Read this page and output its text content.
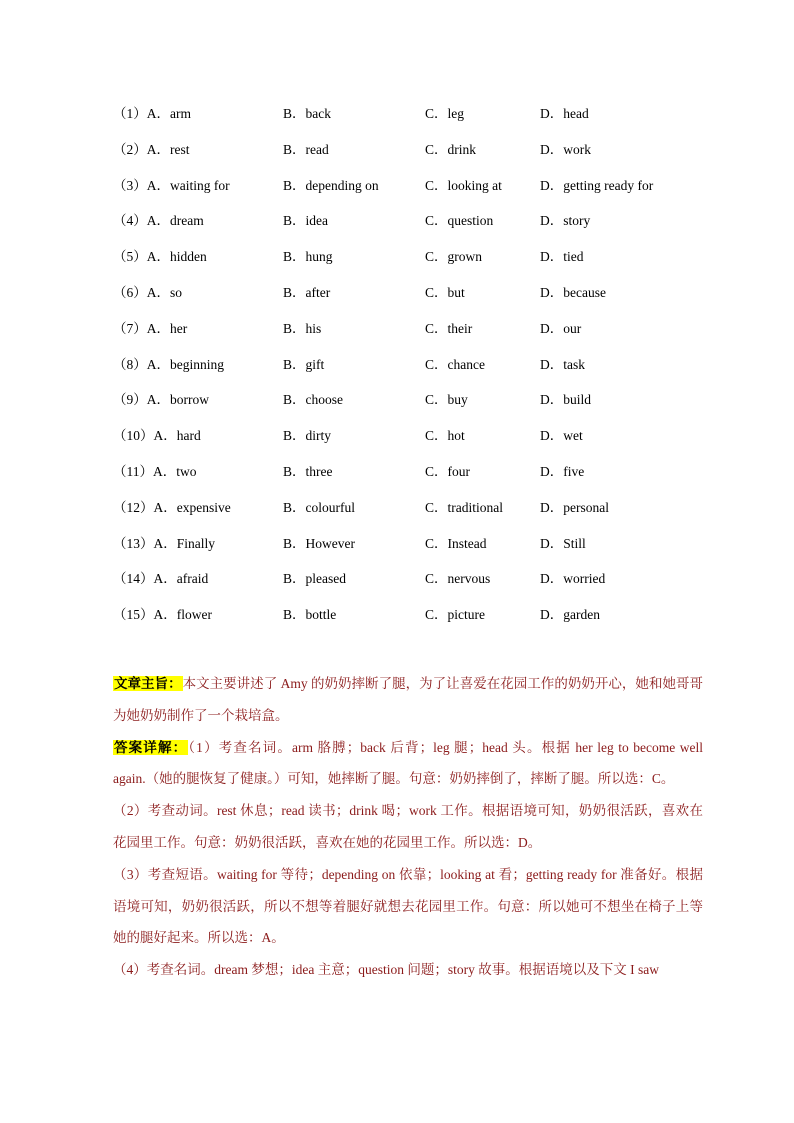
（1）A．arm	B．back	C．leg	D．head
（2）A．rest	B．read	C．drink	D．work
（3）A．waiting for	B．depending on	C．looking at	D．getting ready for
（4）A．dream	B．idea	C．question	D．story
（5）A．hidden	B．hung	C．grown	D．tied
（6）A．so	B．after	C．but	D．because
（7）A．her	B．his	C．their	D．our
（8）A．beginning	B．gift	C．chance	D．task
（9）A．borrow	B．choose	C．buy	D．build
（10）A．hard	B．dirty	C．hot	D．wet
（11）A．two	B．three	C．four	D．five
（12）A．expensive	B．colourful	C．traditional	D．personal
（13）A．Finally	B．However	C．Instead	D．Still
（14）A．afraid	B．pleased	C．nervous	D．worried
（15）A．flower	B．bottle	C．picture	D．garden

文章主旨：本文主要讲述了 Amy 的奶奶摔断了腿，为了让喜爱在花园工作的奶奶开心，她和她哥哥为她奶奶制作了一个栽培盒。

答案详解：（1）考查名词。arm 胳膊；back 后背；leg 腿；head 头。根据 her leg to become well again.（她的腿恢复了健康。）可知，她摔断了腿。句意：奶奶摔倒了，摔断了腿。所以选：C。

（2）考查动词。rest 休息；read 读书；drink 喝；work 工作。根据语境可知，奶奶很活跃，喜欢在花园里工作。句意：奶奶很活跃，喜欢在她的花园里工作。所以选：D。

（3）考查短语。waiting for 等待；depending on 依靠；looking at 看；getting ready for 准备好。根据语境可知，奶奶很活跃，所以不想等着腿好就想去花园里工作。句意：所以她可不想坐在椅子上等她的腿好起来。所以选：A。

（4）考查名词。dream 梦想；idea 主意；question 问题；story 故事。根据语境以及下文 I saw
